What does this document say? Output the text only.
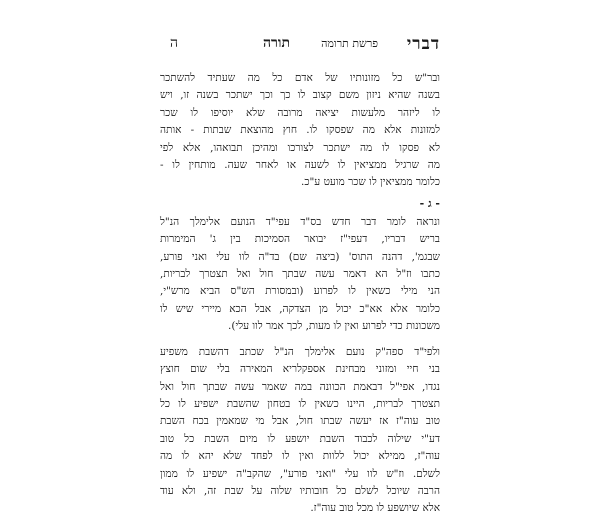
דברי
פרשת תרומה
תורה
ה

ובר"ש כל מזונותיו של אדם כל מה שעתיד להשתכר
בשנה שהיא ניזון משם קצוב לו כך וכך ישתכר בשנה זו, ויש
לו ליזהר מלעשות יציאה מרובה שלא יוסיפו לו שכר
למזונות אלא מה שפסקו לו. חוץ מהוצאת שבתות - אותה
לא פסקו לו מה ישתכר לצורכו ומהיכן תבואהו, אלא לפי
מה שרגיל ממציאין לו לשעה או לאחר שעה. מותחין לו -
כלומר ממציאין לו שכר מועט ע"כ.

- ג -

ונראה לומר דבר חדש בס"ד עפי"ד הנועם אלימלך הנ"ל
בריש דבריו, דעפי"ז יבואר הסמיכות בין ג' המימרות
שבגמ', דהנה התוס' (ביצה שם) בד"ה לוו עלי ואני פורע,
כתבו וז"ל הא דאמר עשה שבתך חול ואל תצטרך לבריות,
הני מילי כשאין לו לפרוע (ובמסורת הש"ס הביא מרש"י,
כלומר אלא אא"כ יכול מן הצדקה, אבל הכא מיירי שיש לו
משכונות כדי לפרוע ואין לו מעות, לכך אמר לוו עלי).

ולפי"ד ספה"ק נועם אלימלך הנ"ל שכתב דהשבת משפיע
בני חיי ומזוני מבחינת אספקלריא המאירה בלי שום חוצץ
נגדו, אפי"ל דבאמת הכוונה במה שאמר עשה שבתך חול ואל
תצטרך לבריות, היינו כשאין לו בטחון שהשבת ישפיע לו כל
טוב עוה"ז אז יעשה שבתו חול, אבל מי שמאמין בכח השבת
דע"י שילוה לכבוד השבת יושפע לו מיום השבת כל טוב
עוה"ז, ממילא יכול ללוות ואין לו לפחד שלא יהא לו מה
לשלם. וז"ש לוו עלי "ואני פורע", שהקב"ה ישפיע לו ממון
הרבה שיוכל לשלם כל חובותיו שלוה על שבת זה, ולא עוד
אלא שיושפע לו מכל טוב עוה"ז.
